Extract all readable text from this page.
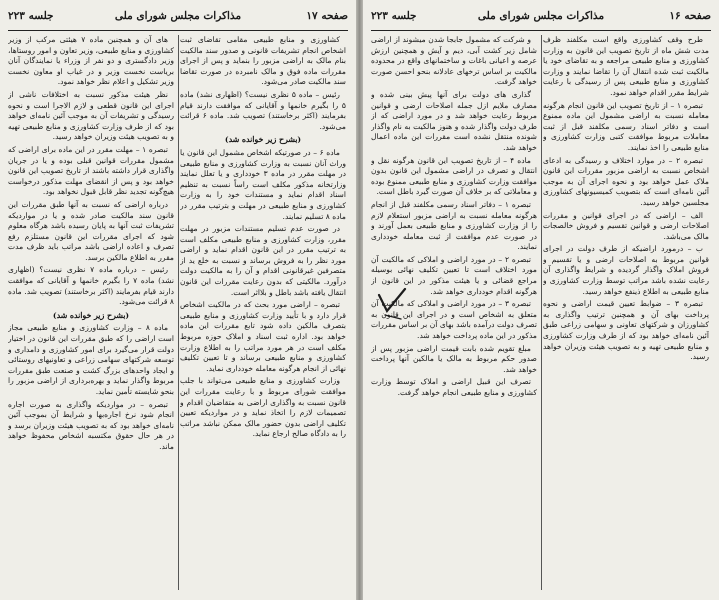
صفحه ۱۷
مذاکرات مجلس شورای ملی
جلسه ۲۲۳

کشاورزی و منابع طبیعی مقامی تقاضای ثبت اشخاص انجام تشریفات قانونی و صدور سند مالکیت بنام مالک به اراضی مزبور را بنماید و پس از اجرای مقررات ماده فوق و مالک نامبرده در صورت تقاضا سند مالکیت صادر می‌شود.

رئیس – ماده ۵ نظری نیست؟ (اظهاری نشد) ماده ۵ را بگیرم خانمها و آقایانی که موافقت دارند قیام بفرمایند (اکثر برخاستند) تصویب شد. ماده ۶ قرائت می‌شود.

(بشرح زیر خوانده شد)

ماده ۶ – در صورتیکه اشخاص مشمول این قانون یا وراث آنان نسبت به وزارت کشاورزی و منابع طبیعی در مهلت مقرر در ماده ۳ خودداری و یا تعلل نمایند وزارتخانه مذکور مکلف است راساً نسبت به تنظیم اسناد اقدام نماید و مستندات خود را به وزارت کشاورزی و منابع طبیعی در مهلت و بترتیب مقرر در ماده ۸ تسلیم نمایند.

در صورت عدم تسلیم مستندات مزبور در مهلت مقرر، وزارت کشاورزی و منابع طبیعی مکلف است به ترتیب مقرر در این قانون اقدام نماید و اراضی مورد نظر را به فروش برساند و نسبت به خلع ید از متصرفین غیرقانونی اقدام و آن را به مالکیت دولت درآورد. مالکیتی که بدون رعایت مقررات این قانون انتقال یافته باشد باطل و بلااثر است.

تبصره – اراضی مورد بحث که در مالکیت اشخاص قرار دارد و با تأیید وزارت کشاورزی و منابع طبیعی بتصرف مالکین داده شود تابع مقررات این ماده خواهد بود. اداره ثبت اسناد و املاک حوزه مربوط مکلف است در هر مورد مراتب را به اطلاع وزارت کشاورزی و منابع طبیعی برساند و تا تعیین تکلیف نهائی از انجام هرگونه معامله خودداری نماید.

وزارت کشاورزی و منابع طبیعی می‌تواند با جلب موافقت شورای مربوط و با رعایت مقررات این قانون نسبت به واگذاری اراضی به متقاضیان اقدام و تصمیمات لازم را اتخاذ نماید و در مواردیکه تعیین تکلیف اراضی بدون حضور مالک ممکن نباشد مراتب را به دادگاه صالح ارجاع نماید.

های آن و همچنین ماده ۷ هیئتی مرکب از وزیر کشاورزی و منابع طبیعی، وزیر تعاون و امور روستاها، وزیر دادگستری و دو نفر از وزراء یا نمایندگان آنان بریاست نخست وزیر و در غیاب او معاون نخست وزیر تشکیل و اعلام نظر خواهد نمود.

نظر هیئت مذکور نسبت به اختلافات ناشی از اجرای این قانون قطعی و لازم الاجرا است و نحوه رسیدگی و تشریفات آن به موجب آئین نامه‌ای خواهد بود که از طرف وزارت کشاورزی و منابع طبیعی تهیه و به تصویب هیئت وزیران خواهد رسید.

تبصره ۱ – مهلت مقرر در این ماده برای اراضی که مشمول مقررات قوانین قبلی بوده و یا در جریان واگذاری قرار داشته باشند از تاریخ تصویب این قانون خواهد بود و پس از انقضای مهلت مذکور درخواست هیچ‌گونه تجدید نظر قابل قبول نخواهد بود.

درباره اراضی که نسبت به آنها طبق مقررات این قانون سند مالکیت صادر شده و یا در مواردیکه تشریفات ثبت آنها به پایان رسیده باشد هرگاه معلوم شود که اجرای مقررات این قانون مستلزم رفع تصرف و اعاده اراضی باشد مراتب باید ظرف مدت مقرر به اطلاع مالکین برسد.

رئیس – درباره ماده ۷ نظری نیست؟ (اظهاری نشد) ماده ۷ را بگیرم خانمها و آقایانی که موافقت دارند قیام بفرمایند (اکثر برخاستند) تصویب شد. ماده ۸ قرائت می‌شود.

(بشرح زیر خوانده شد)

ماده ۸ – وزارت کشاورزی و منابع طبیعی مجاز است اراضی را که طبق مقررات این قانون در اختیار دولت قرار می‌گیرد برای امور کشاورزی و دامداری و توسعه شرکتهای سهامی زراعی و تعاونیهای روستائی و ایجاد واحدهای بزرگ کشت و صنعت طبق مقررات مربوط واگذار نماید و بهره‌برداری از اراضی مزبور را بنحو شایسته تأمین نماید.

تبصره – در مواردیکه واگذاری به صورت اجاره انجام شود نرخ اجاره‌بها و شرایط آن بموجب آئین نامه‌ای خواهد بود که به تصویب هیئت وزیران برسد و در هر حال حقوق مکتسبه اشخاص محفوظ خواهد ماند.

صفحه ۱۶
مذاکرات مجلس شورای ملی
جلسه ۲۲۳

طرح وقف کشاورزی واقع است مکلفند ظرف مدت شش ماه از تاریخ تصویب این قانون به وزارت کشاورزی و منابع طبیعی مراجعه و به تقاضای خود یا مالکیت ثبت شده انتقال آن را تقاضا نمایند و وزارت کشاورزی و منابع طبیعی پس از رسیدگی با رعایت شرایط مقرر اقدام خواهد نمود.

تبصره ۱ – از تاریخ تصویب این قانون انجام هرگونه معامله نسبت به اراضی مشمول این ماده ممنوع است و دفاتر اسناد رسمی مکلفند قبل از ثبت معاملات مربوط موافقت کتبی وزارت کشاورزی و منابع طبیعی را اخذ نمایند.

تبصره ۲ – در موارد اختلاف و رسیدگی به ادعای اشخاص نسبت به اراضی مزبور مقررات این قانون ملاک عمل خواهد بود و نحوه اجرای آن به موجب آئین نامه‌ای است که بتصویب کمیسیونهای کشاورزی مجلسین خواهد رسید.

الف – اراضی که در اجرای قوانین و مقررات اصلاحات ارضی و قوانین تقسیم و فروش خالصجات مالک می‌باشد.

ب – درمورد اراضیکه از طرف دولت در اجرای قوانین مربوط به اصلاحات ارضی و یا تقسیم و فروش املاک واگذار گردیده و شرایط واگذاری آن رعایت نشده باشد مراتب توسط وزارت کشاورزی و منابع طبیعی به اطلاع ذینفع خواهد رسید.

تبصره ۳ – ضوابط تعیین قیمت اراضی و نحوه پرداخت بهای آن و همچنین ترتیب واگذاری به کشاورزان و شرکتهای تعاونی و سهامی زراعی طبق آئین نامه‌ای خواهد بود که از طرف وزارت کشاورزی و منابع طبیعی تهیه و به تصویب هیئت وزیران خواهد رسید.

و شرکت که مشمول جابجا شدن میشوند از اراضی شامل زیر کشت آبی، دیم و آیش و همچنین ارزش عرصه و اعیانی باغات و ساختمانهای واقع در محدوده مالکیت بر اساس ترخهای عادلانه بنحو احسن صورت خواهد گرفت.

گذاری های دولت برای آنها پیش بینی شده و مصارف ملایم ازل جمله اصلاحات ارضی و قوانین مربوط رعایت خواهد شد و در مورد اراضی که از طرف دولت واگذار شده و هنوز مالکیت به نام واگذار شونده منتقل نشده است مقررات این ماده اعمال خواهد شد.

ماده ۴ – از تاریخ تصویب این قانون هرگونه نقل و انتقال و تصرف در اراضی مشمول این قانون بدون موافقت وزارت کشاورزی و منابع طبیعی ممنوع بوده و معاملاتی که بر خلاف آن صورت گیرد باطل است.

تبصره ۱ – دفاتر اسناد رسمی مکلفند قبل از انجام هرگونه معامله نسبت به اراضی مزبور استعلام لازم را از وزارت کشاورزی و منابع طبیعی بعمل آورند و در صورت عدم موافقت از ثبت معامله خودداری نمایند.

تبصره ۲ – در مورد اراضی و املاکی که مالکیت آن مورد اختلاف است تا تعیین تکلیف نهائی بوسیله مراجع قضائی و یا هیئت مذکور در این قانون از هرگونه اقدام خودداری خواهد شد.

تبصره ۳ – در مورد اراضی و املاکی که مالکیت آن متعلق به اشخاص است و در اجرای این قانون به تصرف دولت درآمده باشد بهای آن بر اساس مقررات مذکور در این ماده پرداخت خواهد شد.

مبلغ تقویم شده بابت قیمت اراضی مزبور پس از صدور حکم مربوط به مالک یا مالکین آنها پرداخت خواهد شد.

تصرف این قبیل اراضی و املاک توسط وزارت کشاورزی و منابع طبیعی انجام خواهد گرفت.
